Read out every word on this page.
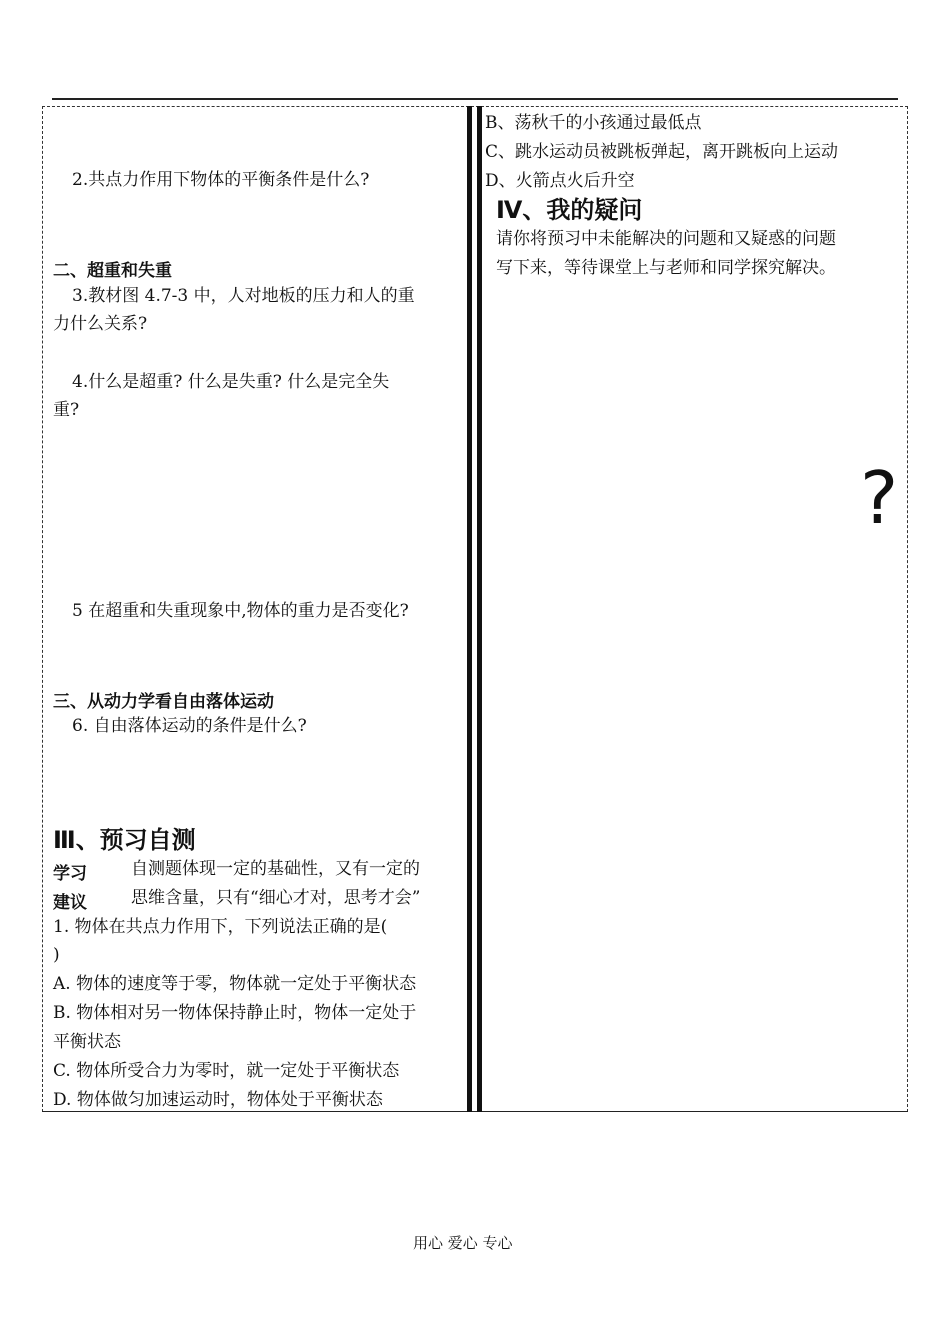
2.共点力作用下物体的平衡条件是什么?
二、超重和失重
3.教材图 4.7-3 中，人对地板的压力和人的重
力什么关系?
4.什么是超重? 什么是失重? 什么是完全失
重?
5 在超重和失重现象中,物体的重力是否变化?
三、从动力学看自由落体运动
6. 自由落体运动的条件是什么?
Ⅲ、预习自测
学习	自测题体现一定的基础性，又有一定的
建议	思维含量，只有“细心才对，思考才会”
1. 物体在共点力作用下，下列说法正确的是(
)
A. 物体的速度等于零，物体就一定处于平衡状态
B. 物体相对另一物体保持静止时，物体一定处于
平衡状态
C. 物体所受合力为零时，就一定处于平衡状态
D. 物体做匀加速运动时，物体处于平衡状态
B、荡秋千的小孩通过最低点
C、跳水运动员被跳板弹起，离开跳板向上运动
D、火箭点火后升空
Ⅳ、我的疑问
请你将预习中未能解决的问题和又疑惑的问题
写下来，等待课堂上与老师和同学探究解决。
?
用心 爱心 专心
